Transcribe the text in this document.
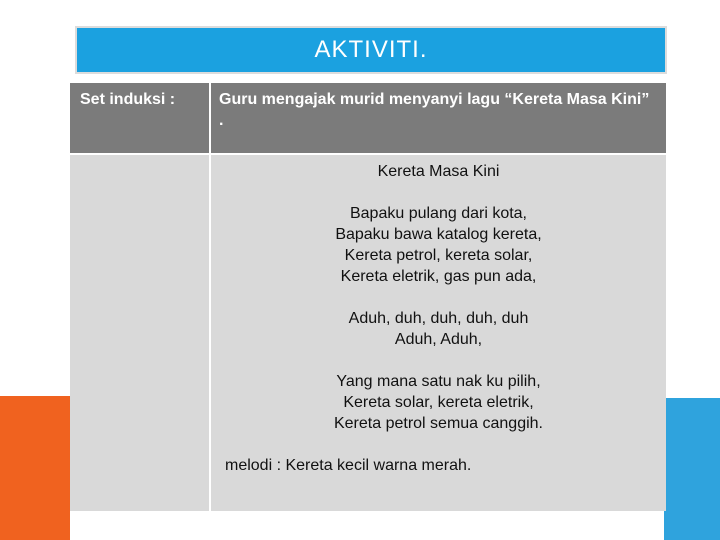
AKTIVITI.
Set induksi :	Guru mengajak murid menyanyi lagu “Kereta Masa Kini” .
Kereta Masa Kini
Bapaku pulang dari kota,
Bapaku bawa katalog kereta,
Kereta petrol, kereta solar,
Kereta eletrik, gas pun ada,
Aduh, duh, duh, duh, duh
Aduh, Aduh,
Yang mana satu nak ku pilih,
Kereta solar, kereta eletrik,
Kereta petrol semua canggih.
melodi : Kereta kecil warna merah.
